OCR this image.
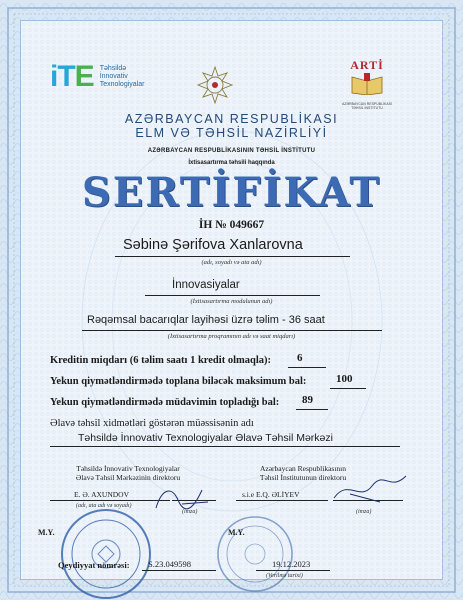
iTE Təhsildə
İnnovativ
Texnologiyalar
ARTİ
AZƏRBAYCAN RESPUBLİKASI TƏHSİL İNSTİTUTU
AZƏRBAYCAN RESPUBLİKASI
ELM VƏ TƏHSİL NAZİRLİYİ
AZƏRBAYCAN RESPUBLİKASININ TƏHSİL İNSTİTUTU
İxtisasartırma təhsili haqqında
SERTİFİKAT
İH № 049667
Səbinə Şərifova Xanlarovna
(adı, soyadı və ata adı)
İnnovasiyalar
(İxtisasartırma modulunun adı)
Rəqəmsal bacarıqlar layihəsi üzrə təlim - 36 saat
(İxtisasartırma proqramının adı və saat miqdarı)
Kreditin miqdarı (6 təlim saatı 1 kredit olmaqla): 6
Yekun qiymətləndirmədə toplana biləcək maksimum bal:	100
Yekun qiymətləndirmədə müdavimin topladığı bal: 89
Əlavə təhsil xidmətləri göstərən müəssisənin adı
Təhsildə İnnovativ Texnologiyalar Əlavə Təhsil Mərkəzi
Təhsildə İnnovativ Texnologiyalar
Əlavə Təhsil Mərkəzinin direktoru
E. Ə. AXUNDOV
(adı, ata adı və soyadı)
(imza)
Azərbaycan Respublikasının
Təhsil İnstitutunun direktoru
s.i.e E.Q. ƏLİYEV
(imza)
M.Y.	M.Y.
Qeydiyyat nömrəsi: S.23.049598	19.12.2023
(Verilmə tarixi)
